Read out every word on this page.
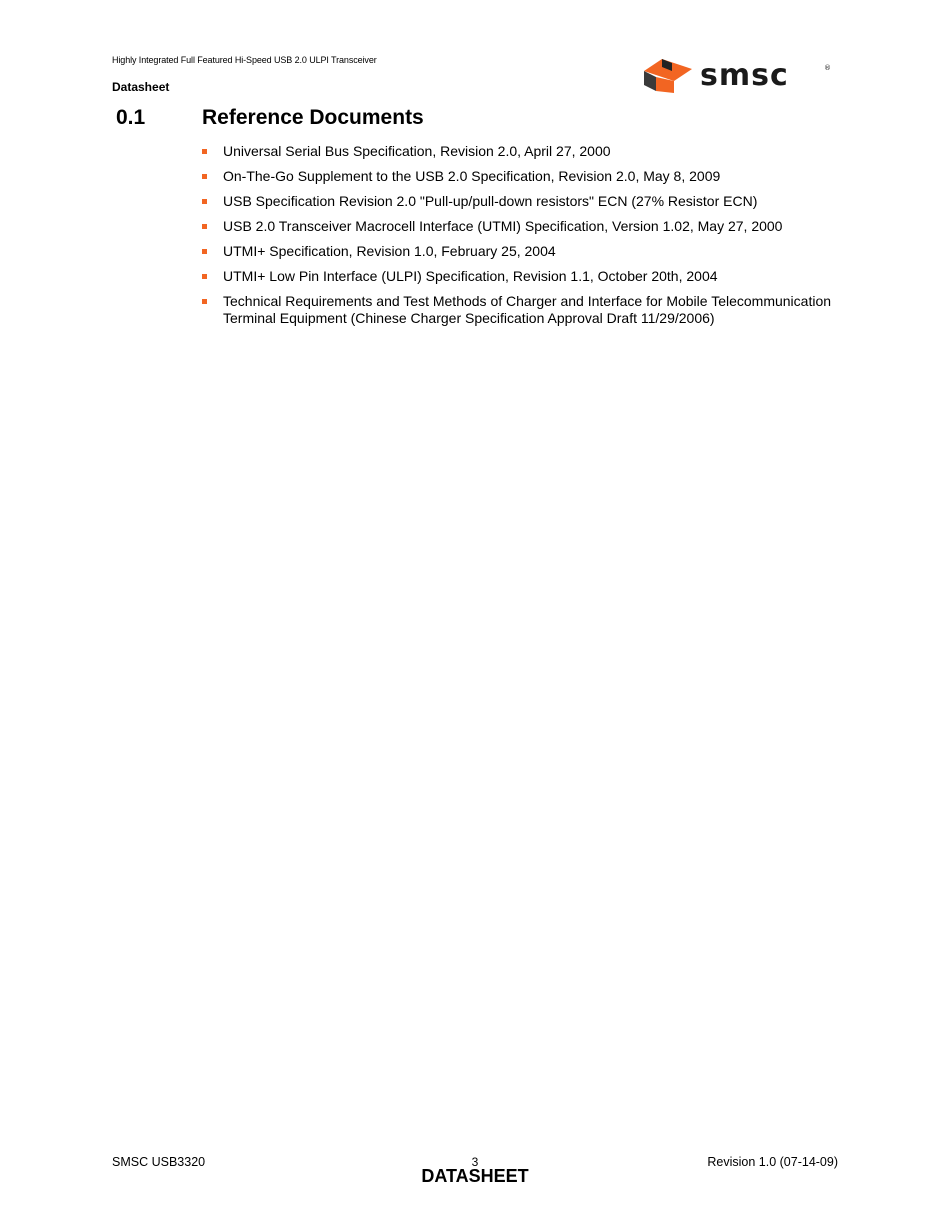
Highly Integrated Full Featured Hi-Speed USB 2.0 ULPI Transceiver
Datasheet	smsc	®
0.1	Reference Documents
Universal Serial Bus Specification, Revision 2.0, April 27, 2000
On-The-Go Supplement to the USB 2.0 Specification, Revision 2.0, May 8, 2009
USB Specification Revision 2.0 "Pull-up/pull-down resistors" ECN (27% Resistor ECN)
USB 2.0 Transceiver Macrocell Interface (UTMI) Specification, Version 1.02, May 27, 2000
UTMI+ Specification, Revision 1.0, February 25, 2004
UTMI+ Low Pin Interface (ULPI) Specification, Revision 1.1, October 20th, 2004
Technical Requirements and Test Methods of Charger and Interface for Mobile Telecommunication Terminal Equipment (Chinese Charger Specification Approval Draft 11/29/2006)
SMSC USB3320	3
DATASHEET
Revision 1.0 (07-14-09)
